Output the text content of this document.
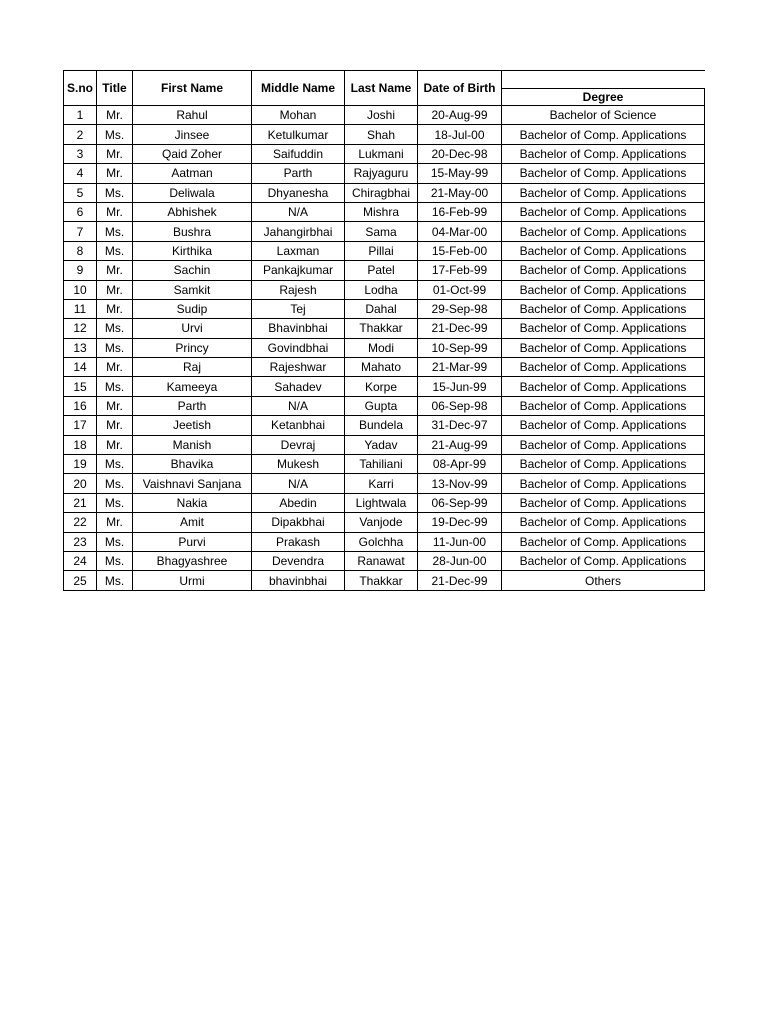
S.no	Title	First Name	Middle Name	Last Name	Date of Birth	
						Degree
1	Mr.	Rahul	Mohan	Joshi	20-Aug-99	Bachelor of Science
2	Ms.	Jinsee	Ketulkumar	Shah	18-Jul-00	Bachelor of Comp. Applications
3	Mr.	Qaid Zoher	Saifuddin	Lukmani	20-Dec-98	Bachelor of Comp. Applications
4	Mr.	Aatman	Parth	Rajyaguru	15-May-99	Bachelor of Comp. Applications
5	Ms.	Deliwala	Dhyanesha	Chiragbhai	21-May-00	Bachelor of Comp. Applications
6	Mr.	Abhishek	N/A	Mishra	16-Feb-99	Bachelor of Comp. Applications
7	Ms.	Bushra	Jahangirbhai	Sama	04-Mar-00	Bachelor of Comp. Applications
8	Ms.	Kirthika	Laxman	Pillai	15-Feb-00	Bachelor of Comp. Applications
9	Mr.	Sachin	Pankajkumar	Patel	17-Feb-99	Bachelor of Comp. Applications
10	Mr.	Samkit	Rajesh	Lodha	01-Oct-99	Bachelor of Comp. Applications
11	Mr.	Sudip	Tej	Dahal	29-Sep-98	Bachelor of Comp. Applications
12	Ms.	Urvi	Bhavinbhai	Thakkar	21-Dec-99	Bachelor of Comp. Applications
13	Ms.	Princy	Govindbhai	Modi	10-Sep-99	Bachelor of Comp. Applications
14	Mr.	Raj	Rajeshwar	Mahato	21-Mar-99	Bachelor of Comp. Applications
15	Ms.	Kameeya	Sahadev	Korpe	15-Jun-99	Bachelor of Comp. Applications
16	Mr.	Parth	N/A	Gupta	06-Sep-98	Bachelor of Comp. Applications
17	Mr.	Jeetish	Ketanbhai	Bundela	31-Dec-97	Bachelor of Comp. Applications
18	Mr.	Manish	Devraj	Yadav	21-Aug-99	Bachelor of Comp. Applications
19	Ms.	Bhavika	Mukesh	Tahiliani	08-Apr-99	Bachelor of Comp. Applications
20	Ms.	Vaishnavi Sanjana	N/A	Karri	13-Nov-99	Bachelor of Comp. Applications
21	Ms.	Nakia	Abedin	Lightwala	06-Sep-99	Bachelor of Comp. Applications
22	Mr.	Amit	Dipakbhai	Vanjode	19-Dec-99	Bachelor of Comp. Applications
23	Ms.	Purvi	Prakash	Golchha	11-Jun-00	Bachelor of Comp. Applications
24	Ms.	Bhagyashree	Devendra	Ranawat	28-Jun-00	Bachelor of Comp. Applications
25	Ms.	Urmi	bhavinbhai	Thakkar	21-Dec-99	Others
